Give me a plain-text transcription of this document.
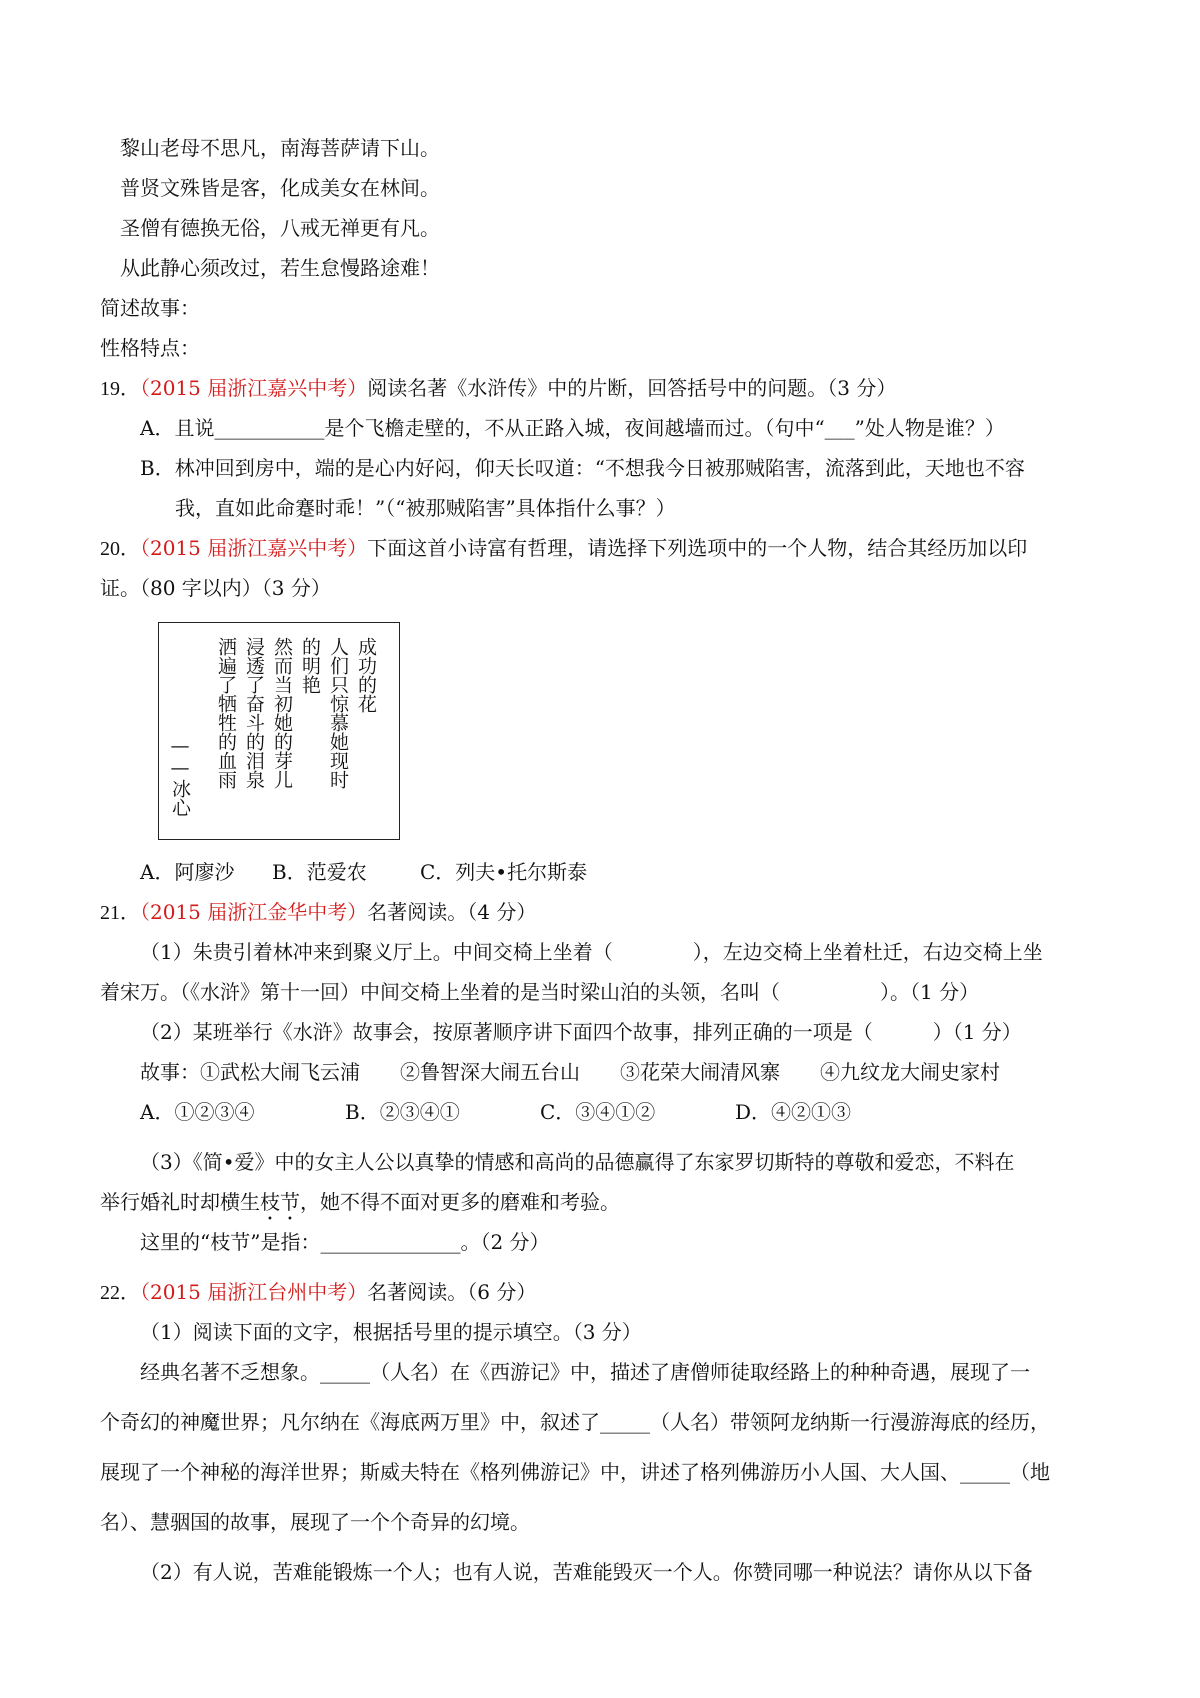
黎山老母不思凡，南海菩萨请下山。
普贤文殊皆是客，化成美女在林间。
圣僧有德换无俗，八戒无禅更有凡。
从此静心须改过，若生怠慢路途难！
简述故事：
性格特点：
19．（2015 届浙江嘉兴中考）阅读名著《水浒传》中的片断，回答括号中的问题。（3 分）
A．且说___________是个飞檐走壁的，不从正路入城，夜间越墙而过。（句中“___”处人物是谁？）
B．林冲回到房中，端的是心内好闷，仰天长叹道：“不想我今日被那贼陷害，流落到此，天地也不容
我，直如此命蹇时乖！”（“被那贼陷害”具体指什么事？）
20．（2015 届浙江嘉兴中考）下面这首小诗富有哲理，请选择下列选项中的一个人物，结合其经历加以印
证。（80 字以内）（3 分）
成功的花
人们只惊慕她现时
的明艳
然而当初她的芽儿
浸透了奋斗的泪泉
洒遍了牺牲的血雨
——冰心
A．阿廖沙 B．范爱农	C．列夫•托尔斯泰
21．（2015 届浙江金华中考）名著阅读。（4 分）
（1）朱贵引着林冲来到聚义厅上。中间交椅上坐着（　　　　），左边交椅上坐着杜迁，右边交椅上坐
着宋万。（《水浒》第十一回）中间交椅上坐着的是当时梁山泊的头领，名叫（　　　　　）。（1 分）
（2）某班举行《水浒》故事会，按原著顺序讲下面四个故事，排列正确的一项是（　　　）（1 分）
故事：①武松大闹飞云浦　　②鲁智深大闹五台山　　③花荣大闹清风寨　　④九纹龙大闹史家村
A．①②③④	B．②③④①	C．③④①②	D．④②①③
（3）《简•爱》中的女主人公以真挚的情感和高尚的品德赢得了东家罗切斯特的尊敬和爱恋，不料在
举行婚礼时却横生枝节，她不得不面对更多的磨难和考验。
这里的“枝节”是指：______________。（2 分）
22．（2015 届浙江台州中考）名著阅读。（6 分）
（1）阅读下面的文字，根据括号里的提示填空。（3 分）
经典名著不乏想象。_____（人名）在《西游记》中，描述了唐僧师徒取经路上的种种奇遇，展现了一
个奇幻的神魔世界；凡尔纳在《海底两万里》中，叙述了_____（人名）带领阿龙纳斯一行漫游海底的经历，
展现了一个神秘的海洋世界；斯威夫特在《格列佛游记》中，讲述了格列佛游历小人国、大人国、_____（地
名）、慧骃国的故事，展现了一个个奇异的幻境。
（2）有人说，苦难能锻炼一个人；也有人说，苦难能毁灭一个人。你赞同哪一种说法？请你从以下备
